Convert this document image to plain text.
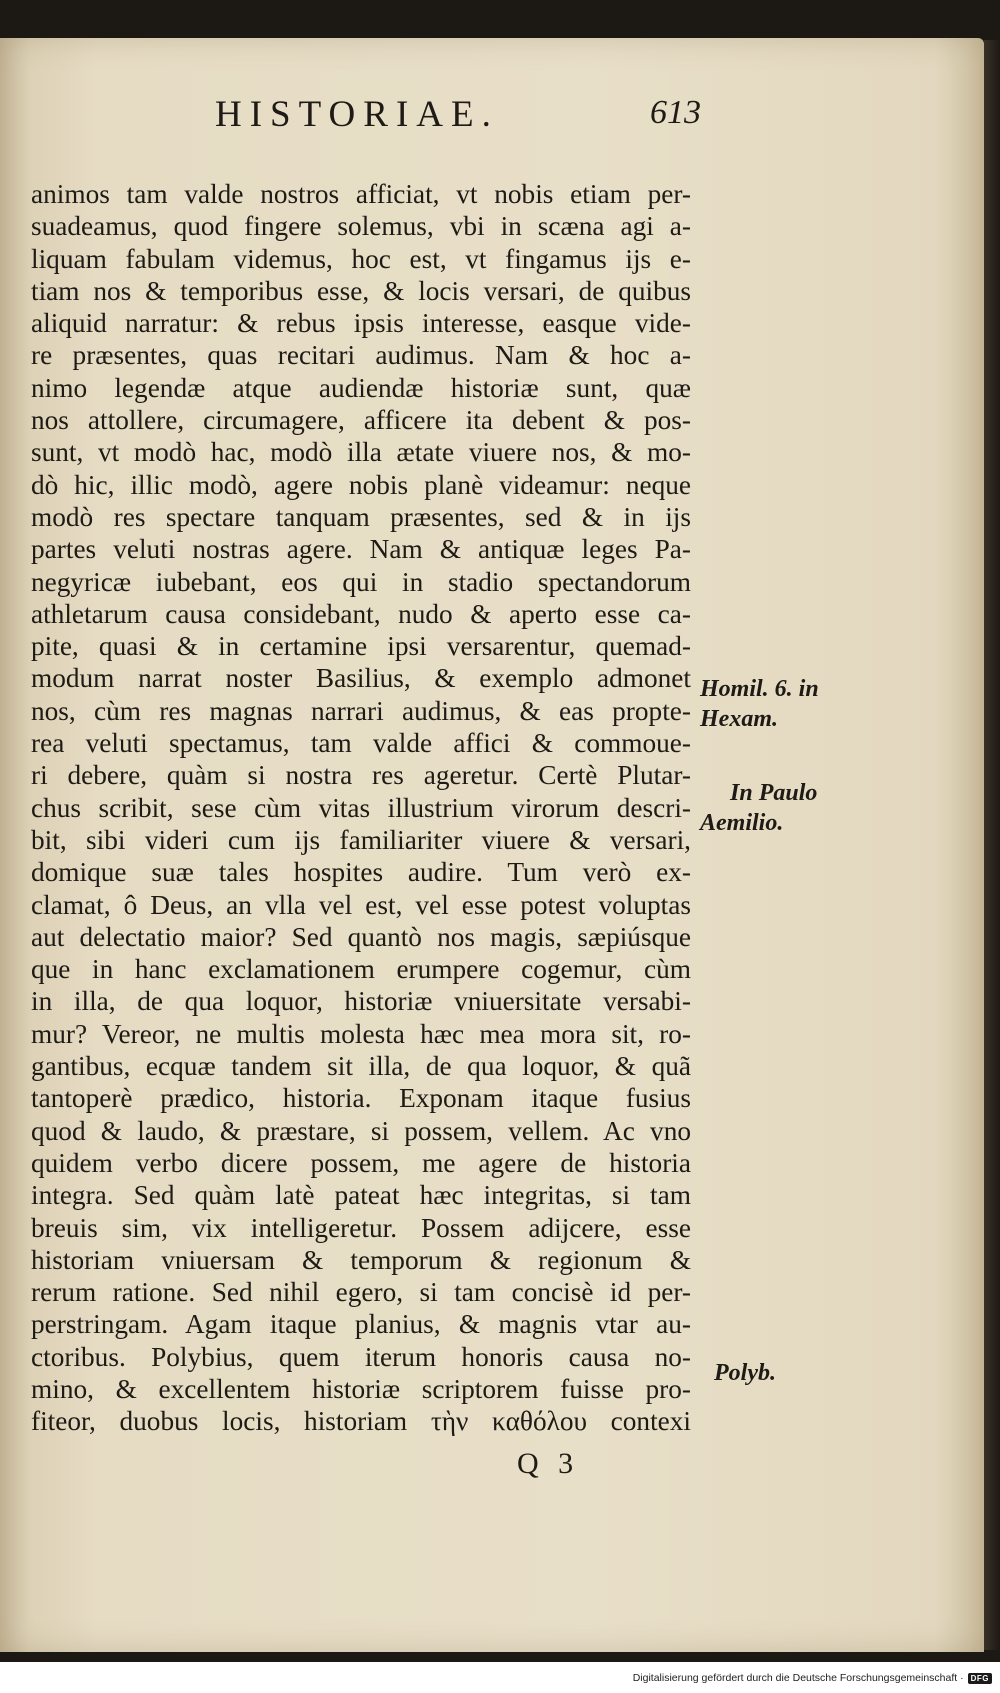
HISTORIAE.	613
animos tam valde nostros afficiat, vt nobis etiam per-
suadeamus, quod fingere solemus, vbi in scæna agi a-
liquam fabulam videmus, hoc est, vt fingamus ijs e-
tiam nos & temporibus esse, & locis versari, de quibus
aliquid narratur: & rebus ipsis interesse, easque vide-
re præsentes, quas recitari audimus. Nam & hoc a-
nimo legendæ atque audiendæ historiæ sunt, quæ
nos attollere, circumagere, afficere ita debent & pos-
sunt, vt modò hac, modò illa ætate viuere nos, & mo-
dò hic, illic modò, agere nobis planè videamur: neque
modò res spectare tanquam præsentes, sed & in ijs
partes veluti nostras agere. Nam & antiquæ leges Pa-
negyricæ iubebant, eos qui in stadio spectandorum
athletarum causa considebant, nudo & aperto esse ca-
pite, quasi & in certamine ipsi versarentur, quemad-
modum narrat noster Basilius, & exemplo admonet
nos, cùm res magnas narrari audimus, & eas propte-
rea veluti spectamus, tam valde affici & commoue-
ri debere, quàm si nostra res ageretur. Certè Plutar-
chus scribit, sese cùm vitas illustrium virorum descri-
bit, sibi videri cum ijs familiariter viuere & versari,
domique suæ tales hospites audire. Tum verò ex-
clamat, ô Deus, an vlla vel est, vel esse potest voluptas
aut delectatio maior? Sed quantò nos magis, sæpiúsque
que in hanc exclamationem erumpere cogemur, cùm
in illa, de qua loquor, historiæ vniuersitate versabi-
mur? Vereor, ne multis molesta hæc mea mora sit, ro-
gantibus, ecquæ tandem sit illa, de qua loquor, & quã
tantoperè prædico, historia. Exponam itaque fusius
quod & laudo, & præstare, si possem, vellem. Ac vno
quidem verbo dicere possem, me agere de historia
integra. Sed quàm latè pateat hæc integritas, si tam
breuis sim, vix intelligeretur. Possem adijcere, esse
historiam vniuersam & temporum & regionum &
rerum ratione. Sed nihil egero, si tam concisè id per-
perstringam. Agam itaque planius, & magnis vtar au-
ctoribus. Polybius, quem iterum honoris causa no-
mino, & excellentem historiæ scriptorem fuisse pro-
fiteor, duobus locis, historiam τὴν καθόλου contexi
Homil. 6. in
Hexam.
In Paulo
Aemilio.
Polyb.
Q 3
Digitalisierung gefördert durch die Deutsche Forschungsgemeinschaft · DFG
